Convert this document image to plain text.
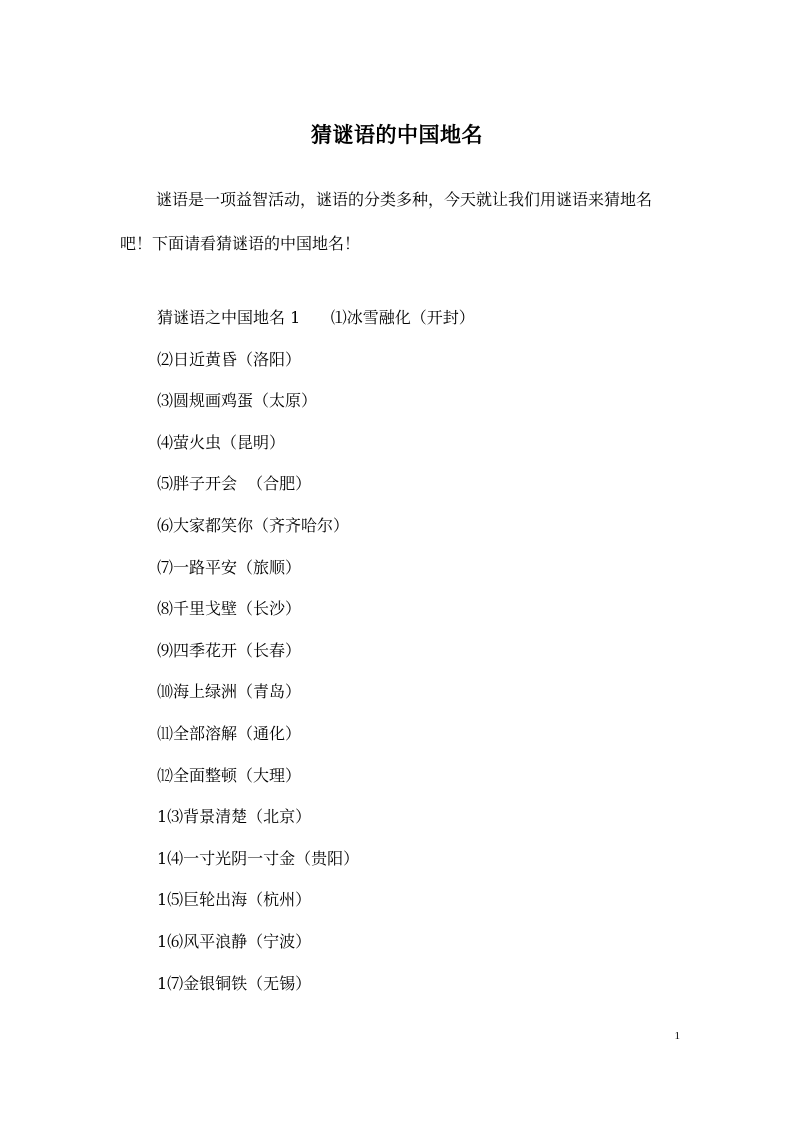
猜谜语的中国地名

谜语是一项益智活动，谜语的分类多种，今天就让我们用谜语来猜地名吧！下面请看猜谜语的中国地名！

猜谜语之中国地名 1      ⑴冰雪融化（开封）
⑵日近黄昏（洛阳）
⑶圆规画鸡蛋（太原）
⑷萤火虫（昆明）
⑸胖子开会  （合肥）
⑹大家都笑你（齐齐哈尔）
⑺一路平安（旅顺）
⑻千里戈壁（长沙）
⑼四季花开（长春）
⑽海上绿洲（青岛）
⑾全部溶解（通化）
⑿全面整顿（大理）
1⑶背景清楚（北京）
1⑷一寸光阴一寸金（贵阳）
1⑸巨轮出海（杭州）
1⑹风平浪静（宁波）
1⑺金银铜铁（无锡）
1
